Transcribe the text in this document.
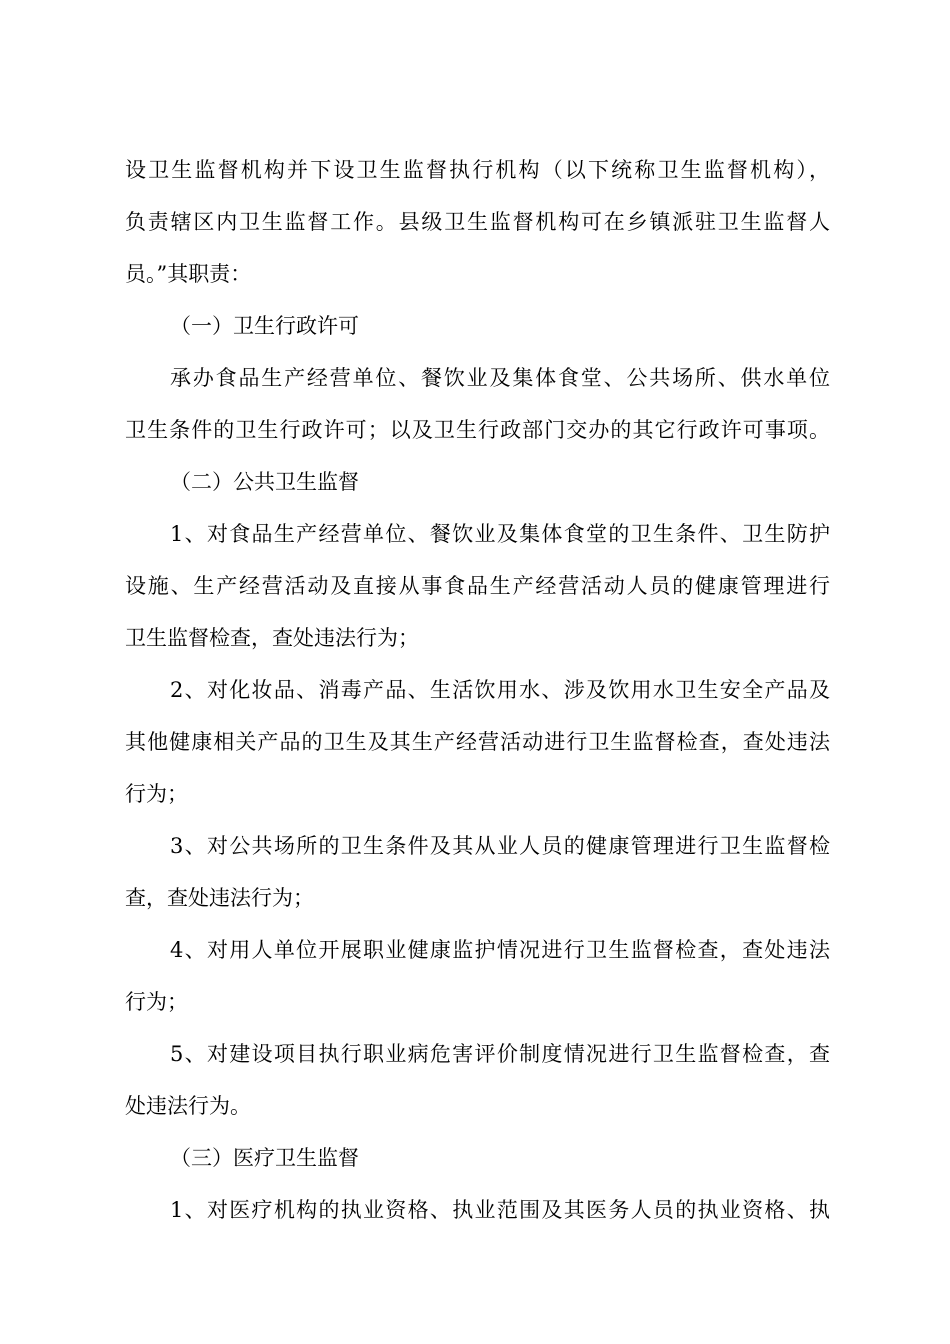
设卫生监督机构并下设卫生监督执行机构（以下统称卫生监督机构），
负责辖区内卫生监督工作。县级卫生监督机构可在乡镇派驻卫生监督人
员。”其职责：
（一）卫生行政许可
承办食品生产经营单位、餐饮业及集体食堂、公共场所、供水单位
卫生条件的卫生行政许可；以及卫生行政部门交办的其它行政许可事项。
（二）公共卫生监督
1、对食品生产经营单位、餐饮业及集体食堂的卫生条件、卫生防护
设施、生产经营活动及直接从事食品生产经营活动人员的健康管理进行
卫生监督检查，查处违法行为；
2、对化妆品、消毒产品、生活饮用水、涉及饮用水卫生安全产品及
其他健康相关产品的卫生及其生产经营活动进行卫生监督检查，查处违法
行为；
3、对公共场所的卫生条件及其从业人员的健康管理进行卫生监督检
查，查处违法行为；
4、对用人单位开展职业健康监护情况进行卫生监督检查，查处违法
行为；
5、对建设项目执行职业病危害评价制度情况进行卫生监督检查，查
处违法行为。
（三）医疗卫生监督
1、对医疗机构的执业资格、执业范围及其医务人员的执业资格、执
